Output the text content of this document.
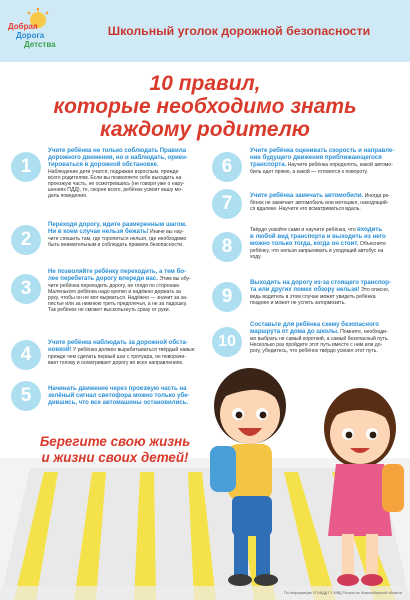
Добрая
Дорога
Детства
Школьный уголок дорожной безопасности
10 правил,
которые необходимо знать
каждому родителю
1
2
3
4
5
6
7
8
9
10
Учите ребёнка не только соблюдать Правила
дорожного движения, но и наблюдать, ориен-
тироваться в дорожной обстановке.
Наблюдение дети учатся, подражая взрослым, прежде
всего родителям. Если вы позволяете себе выходить на
проезжую часть, не осмотревшись (не говоря уже о нару-
шениях ПДД), то, скорее всего, ребёнок усвоит вашу мо-
дель поведения.
Переходя дорогу, идите размеренным шагом.
Ни в коем случае нельзя бежать! Иначе вы нау-
чите спешить там, где торопиться нельзя, где необходимо
быть внимательным и соблюдать правила безопасности.
Не позволяйте ребёнку переходить, а тем бо-
лее перебегать дорогу впереди вас. Этим вы обу-
чите ребёнка переходить дорогу, не глядя по сторонам.
Маленького ребёнка надо крепко и надёжно держать за
руку, чтобы он не мог вырваться. Надёжно — значит за за-
пястье или за нижнюю треть предплечья, а не за ладошку.
Так ребёнок не сможет выскользнуть сразу от руки.
Учите ребёнка наблюдать за дорожной обста-
новкой! У ребёнка должен вырабатываться твёрдый навык:
прежде чем сделать первый шаг с тротуара, он поворачи-
вает голову и осматривает дорогу во всех направлениях.
Начинать движение через проезжую часть на
зелёный сигнал светофора можно только убе-
дившись, что все автомашины остановились.
Учите ребёнка оценивать скорость и направле-
ние будущего движения приближающегося
транспорта. Научите ребёнка определять, какой автомо-
биль едет прямо, а какой — готовится к повороту.
Учите ребёнка замечать автомобили. Иногда ре-
бёнок не замечает автомобиль или мотоцикл, находящий-
ся вдалеке. Научите его всматриваться вдаль.
Твёрдо усвойте сами и научите ребёнка, что входить
в любой вид транспорта и выходить из него
можно только тогда, когда он стоит. Объясните
ребёнку, что нельзя запрыгивать в уходящий автобус на
ходу.
Выходить на дорогу из-за стоящего транспор-
та или других помех обзору нельзя! Это опасно,
ведь водитель в этом случае может увидеть ребёнка
позднее и может не успеть затормозить.
Составьте для ребёнка схему безопасного
маршрута от дома до школы. Помните, необходи-
мо выбрать не самый короткий, а самый безопасный путь.
Несколько раз пройдите этот путь вместе с ним или до-
рогу, убедитесь, что ребёнок твёрдо усвоил этот путь.
Берегите свою жизнь
и жизни своих детей!
По информации УГИБДД ГУ МВД России по Новосибирской области
